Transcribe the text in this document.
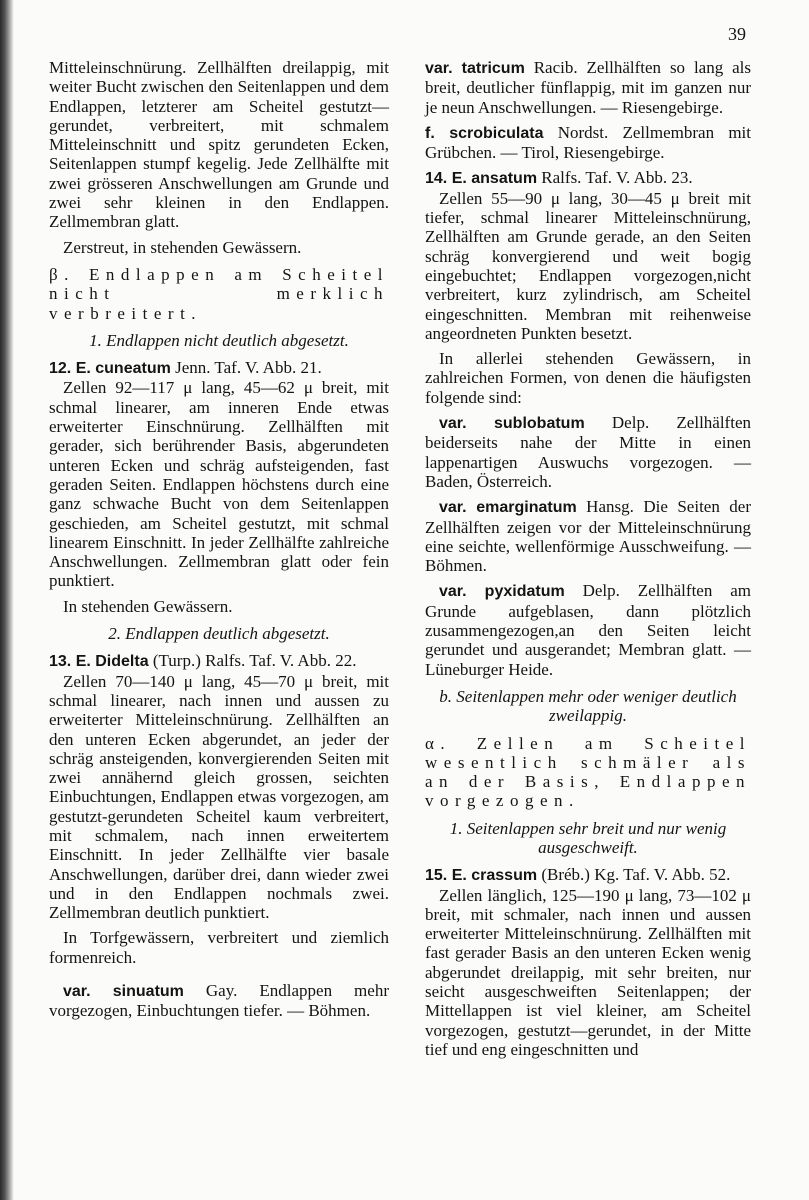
39

Mitteleinschnürung. Zellhälften dreilappig, mit weiter Bucht zwischen den Seitenlappen und dem Endlappen, letzterer am Scheitel gestutzt—gerundet, verbreitert, mit schmalem Mitteleinschnitt und spitz gerundeten Ecken, Seitenlappen stumpf kegelig. Jede Zellhälfte mit zwei grösseren Anschwellungen am Grunde und zwei sehr kleinen in den Endlappen. Zellmembran glatt.

Zerstreut, in stehenden Gewässern.

β. Endlappen am Scheitel nicht merklich verbreitert.

1. Endlappen nicht deutlich abgesetzt.

12. E. cuneatum Jenn. Taf. V. Abb. 21.

Zellen 92—117 μ lang, 45—62 μ breit, mit schmal linearer, am inneren Ende etwas erweiterter Einschnürung. Zellhälften mit gerader, sich berührender Basis, abgerundeten unteren Ecken und schräg aufsteigenden, fast geraden Seiten. Endlappen höchstens durch eine ganz schwache Bucht von dem Seitenlappen geschieden, am Scheitel gestutzt, mit schmal linearem Einschnitt. In jeder Zellhälfte zahlreiche Anschwellungen. Zellmembran glatt oder fein punktiert.

In stehenden Gewässern.

2. Endlappen deutlich abgesetzt.

13. E. Didelta (Turp.) Ralfs. Taf. V. Abb. 22.

Zellen 70—140 μ lang, 45—70 μ breit, mit schmal linearer, nach innen und aussen zu erweiterter Mitteleinschnürung. Zellhälften an den unteren Ecken abgerundet, an jeder der schräg ansteigenden, konvergierenden Seiten mit zwei annähernd gleich grossen, seichten Einbuchtungen, Endlappen etwas vorgezogen, am gestutzt-gerundeten Scheitel kaum verbreitert, mit schmalem, nach innen erweitertem Einschnitt. In jeder Zellhälfte vier basale Anschwellungen, darüber drei, dann wieder zwei und in den Endlappen nochmals zwei. Zellmembran deutlich punktiert.

In Torfgewässern, verbreitert und ziemlich formenreich.

var. sinuatum Gay. Endlappen mehr vorgezogen, Einbuchtungen tiefer. — Böhmen.

var. tatricum Racib. Zellhälften so lang als breit, deutlicher fünflappig, mit im ganzen nur je neun Anschwellungen. — Riesengebirge.

f. scrobiculata Nordst. Zellmembran mit Grübchen. — Tirol, Riesengebirge.

14. E. ansatum Ralfs. Taf. V. Abb. 23.

Zellen 55—90 μ lang, 30—45 μ breit mit tiefer, schmal linearer Mitteleinschnürung, Zellhälften am Grunde gerade, an den Seiten schräg konvergierend und weit bogig eingebuchtet; Endlappen vorgezogen,nicht verbreitert, kurz zylindrisch, am Scheitel eingeschnitten. Membran mit reihenweise angeordneten Punkten besetzt.

In allerlei stehenden Gewässern, in zahlreichen Formen, von denen die häufigsten folgende sind:

var. sublobatum Delp. Zellhälften beiderseits nahe der Mitte in einen lappenartigen Auswuchs vorgezogen. — Baden, Österreich.

var. emarginatum Hansg. Die Seiten der Zellhälften zeigen vor der Mitteleinschnürung eine seichte, wellenförmige Ausschweifung. — Böhmen.

var. pyxidatum Delp. Zellhälften am Grunde aufgeblasen, dann plötzlich zusammengezogen,an den Seiten leicht gerundet und ausgerandet; Membran glatt. — Lüneburger Heide.

b. Seitenlappen mehr oder weniger deutlich zweilappig.

α. Zellen am Scheitel wesentlich schmäler als an der Basis, Endlappen vorgezogen.

1. Seitenlappen sehr breit und nur wenig ausgeschweift.

15. E. crassum (Bréb.) Kg. Taf. V. Abb. 52.

Zellen länglich, 125—190 μ lang, 73—102 μ breit, mit schmaler, nach innen und aussen erweiterter Mitteleinschnürung. Zellhälften mit fast gerader Basis an den unteren Ecken wenig abgerundet dreilappig, mit sehr breiten, nur seicht ausgeschweiften Seitenlappen; der Mittellappen ist viel kleiner, am Scheitel vorgezogen, gestutzt—gerundet, in der Mitte tief und eng eingeschnitten und
